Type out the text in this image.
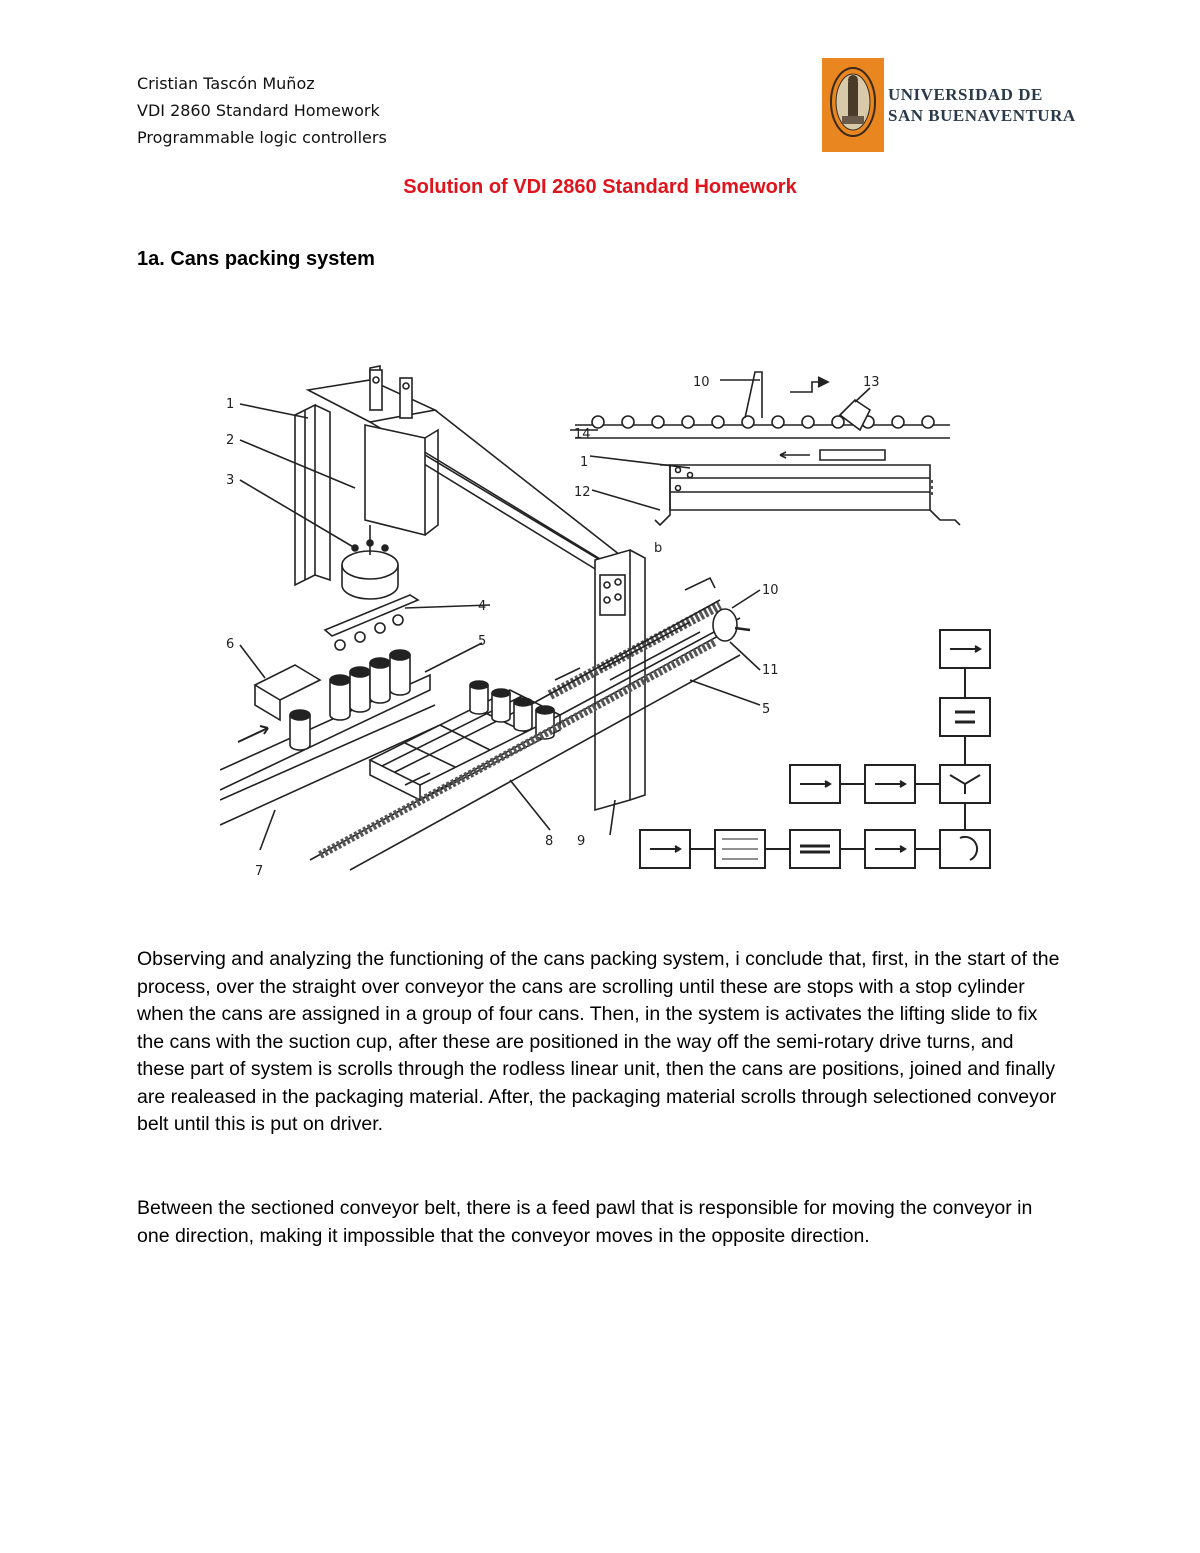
Cristian Tascón Muñoz
VDI 2860 Standard Homework
Programmable logic controllers
UNIVERSIDAD DE
SAN BUENAVENTURA
Solution of VDI 2860 Standard Homework
1a. Cans packing system
1
2
3
4
6	5
7
8 9
10
11
5
10	13
14
1
12
b

Observing and analyzing the functioning of the cans packing system, i conclude that, first, in the start of the process, over the straight over conveyor the cans are scrolling until these are stops with a stop cylinder when the cans are assigned in a group of four cans. Then, in the system is activates the lifting slide to fix the cans with the suction cup, after these are positioned in the way off the semi-rotary drive turns, and these part of system is scrolls through the rodless linear unit, then the cans are positions, joined and finally are realeased in the packaging material. After, the packaging material scrolls through selectioned conveyor belt until this is put on driver.

Between the sectioned conveyor belt, there is a feed pawl that is responsible for moving the conveyor in one direction, making it impossible that the conveyor moves in the opposite direction.
